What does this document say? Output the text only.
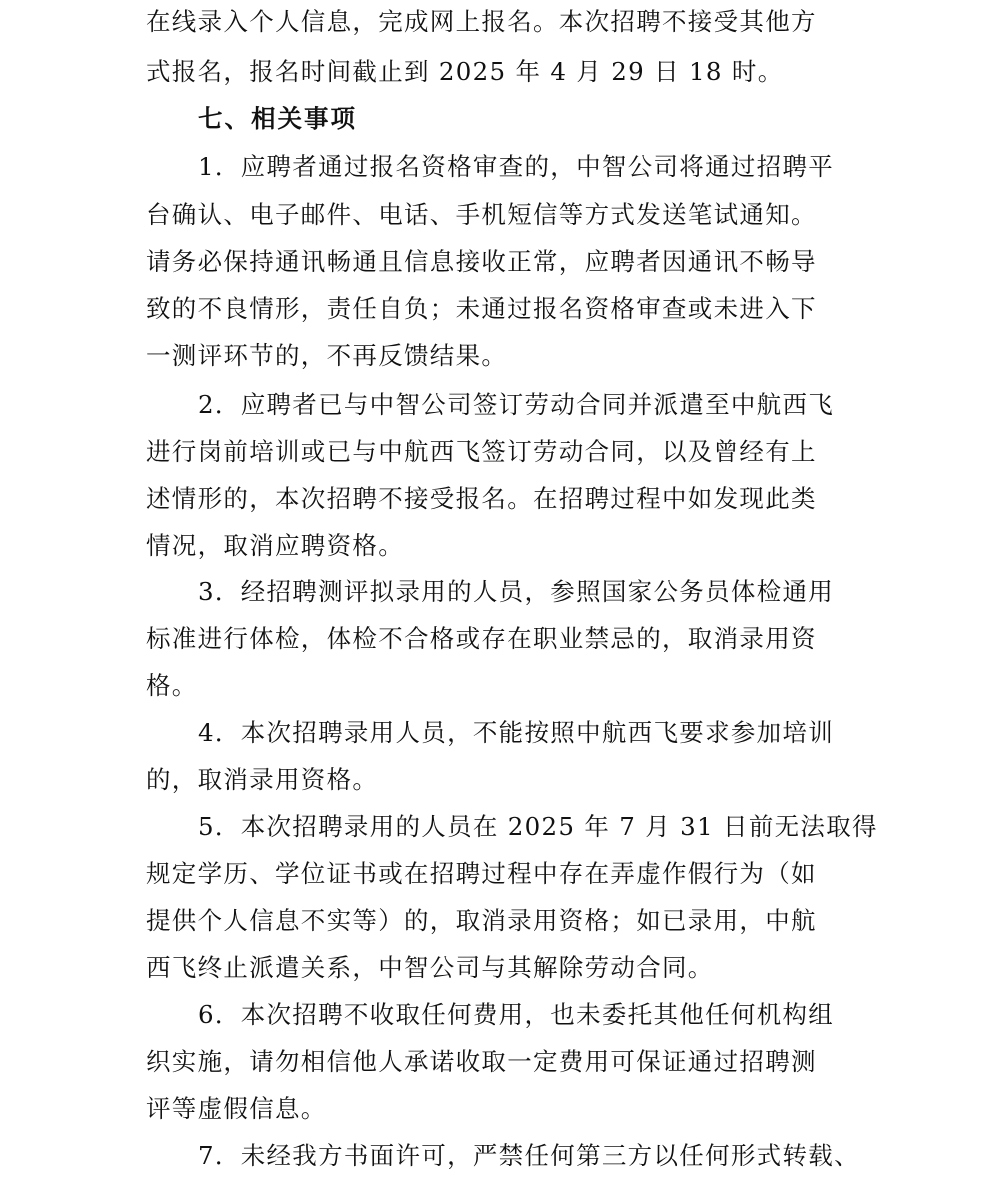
在线录入个人信息，完成网上报名。本次招聘不接受其他方
式报名，报名时间截止到 2025 年 4 月 29 日 18 时。
七、相关事项
1．应聘者通过报名资格审查的，中智公司将通过招聘平
台确认、电子邮件、电话、手机短信等方式发送笔试通知。
请务必保持通讯畅通且信息接收正常，应聘者因通讯不畅导
致的不良情形，责任自负；未通过报名资格审查或未进入下
一测评环节的，不再反馈结果。
2．应聘者已与中智公司签订劳动合同并派遣至中航西飞
进行岗前培训或已与中航西飞签订劳动合同，以及曾经有上
述情形的，本次招聘不接受报名。在招聘过程中如发现此类
情况，取消应聘资格。
3．经招聘测评拟录用的人员，参照国家公务员体检通用
标准进行体检，体检不合格或存在职业禁忌的，取消录用资
格。
4．本次招聘录用人员，不能按照中航西飞要求参加培训
的，取消录用资格。
5．本次招聘录用的人员在 2025 年 7 月 31 日前无法取得
规定学历、学位证书或在招聘过程中存在弄虚作假行为（如
提供个人信息不实等）的，取消录用资格；如已录用，中航
西飞终止派遣关系，中智公司与其解除劳动合同。
6．本次招聘不收取任何费用，也未委托其他任何机构组
织实施，请勿相信他人承诺收取一定费用可保证通过招聘测
评等虚假信息。
7．未经我方书面许可，严禁任何第三方以任何形式转载、
